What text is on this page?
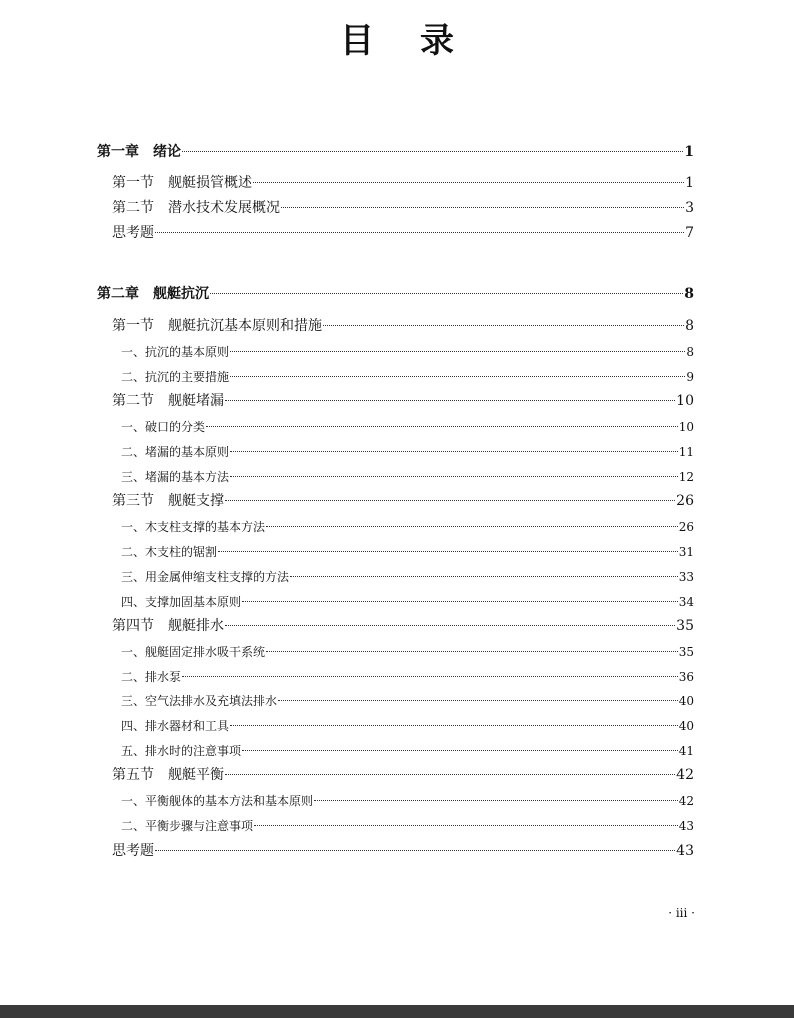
目录
第一章　绪论	1
第一节　舰艇损管概述	1
第二节　潜水技术发展概况	3
思考题	7
第二章　舰艇抗沉	8
第一节　舰艇抗沉基本原则和措施	8
一、抗沉的基本原则	8
二、抗沉的主要措施	9
第二节　舰艇堵漏	10
一、破口的分类	10
二、堵漏的基本原则	11
三、堵漏的基本方法	12
第三节　舰艇支撑	26
一、木支柱支撑的基本方法	26
二、木支柱的锯割	31
三、用金属伸缩支柱支撑的方法	33
四、支撑加固基本原则	34
第四节　舰艇排水	35
一、舰艇固定排水吸干系统	35
二、排水泵	36
三、空气法排水及充填法排水	40
四、排水器材和工具	40
五、排水时的注意事项	41
第五节　舰艇平衡	42
一、平衡舰体的基本方法和基本原则	42
二、平衡步骤与注意事项	43
思考题	43
· iii ·
